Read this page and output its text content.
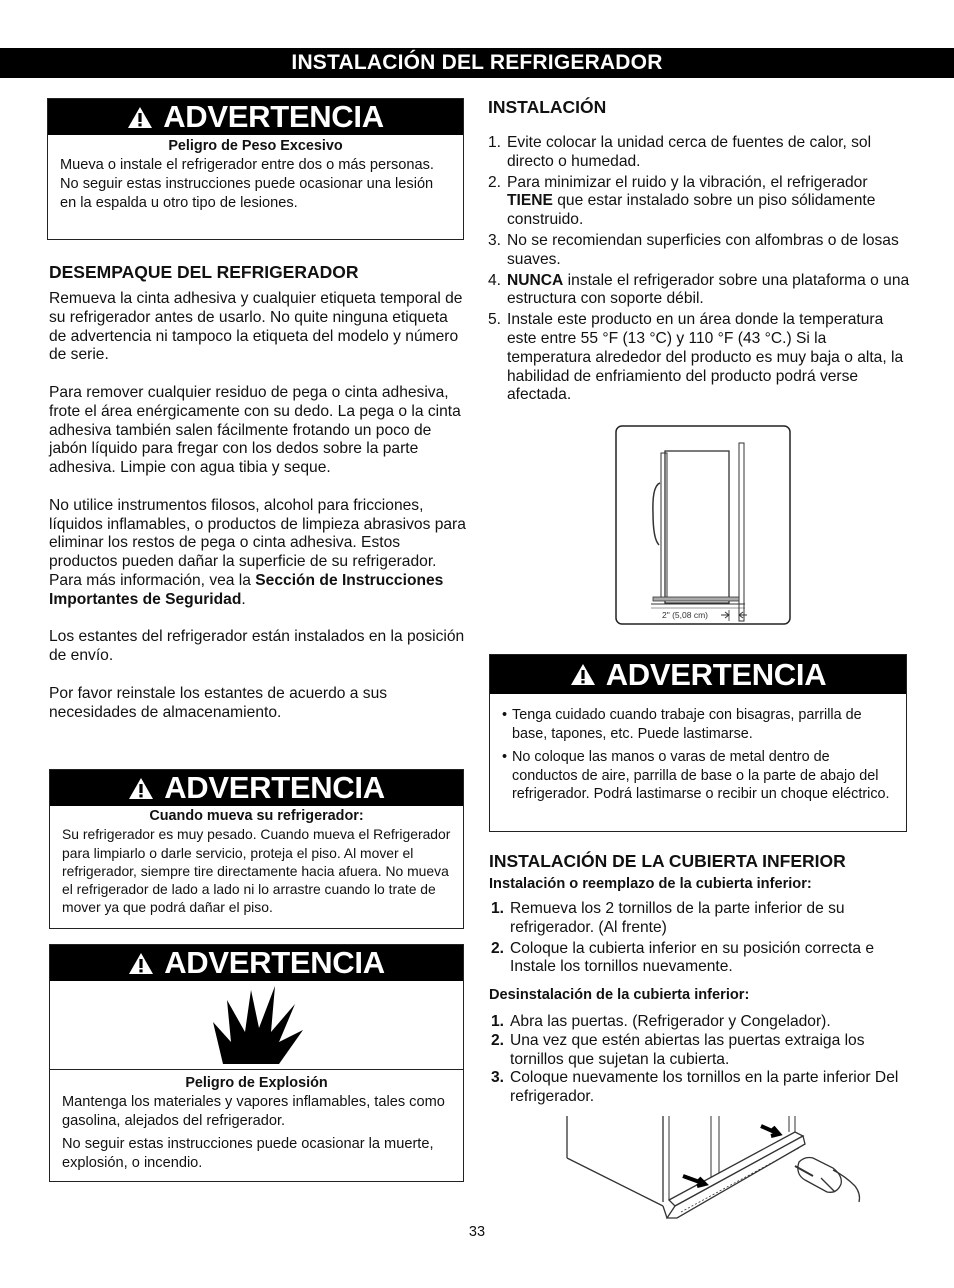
INSTALACIÓN DEL REFRIGERADOR
ADVERTENCIA
Peligro de Peso Excesivo
Mueva o instale el refrigerador entre dos o más personas.
No seguir estas instrucciones puede ocasionar una lesión en la espalda u otro tipo de lesiones.
DESEMPAQUE DEL REFRIGERADOR

Remueva la cinta adhesiva y cualquier etiqueta temporal de su refrigerador antes de usarlo. No quite ninguna etiqueta de advertencia ni tampoco la etiqueta del modelo y número de serie.

Para remover cualquier residuo de pega o cinta adhesiva, frote el área enérgicamente con su dedo. La pega o la cinta adhesiva también salen fácilmente frotando un poco de jabón líquido para fregar con los dedos sobre la parte adhesiva. Limpie con agua tibia y seque.

No utilice instrumentos filosos, alcohol para fricciones, líquidos inflamables, o productos de limpieza abrasivos para eliminar los restos de pega o cinta adhesiva. Estos productos pueden dañar la superficie de su refrigerador. Para más información, vea la Sección de Instrucciones Importantes de Seguridad.

Los estantes del refrigerador están instalados en la posición de envío.

Por favor reinstale los estantes de acuerdo a sus necesidades de almacenamiento.

ADVERTENCIA
Cuando mueva su refrigerador:
Su refrigerador es muy pesado. Cuando mueva el Refrigerador para limpiarlo o darle servicio, proteja el piso. Al mover el refrigerador, siempre tire directamente hacia afuera. No mueva el refrigerador de lado a lado ni lo arrastre cuando lo trate de mover ya que podrá dañar el piso.
ADVERTENCIA
Peligro de Explosión
Mantenga los materiales y vapores inflamables, tales como gasolina, alejados del refrigerador.
No seguir estas instrucciones puede ocasionar la muerte, explosión, o incendio.
INSTALACIÓN
1. Evite colocar la unidad cerca de fuentes de calor, sol directo o humedad.
2. Para minimizar el ruido y la vibración, el refrigerador TIENE que estar instalado sobre un piso sólidamente construido.
3. No se recomiendan superficies con alfombras o de losas suaves.
4. NUNCA instale el refrigerador sobre una plataforma o una estructura con soporte débil.
5. Instale este producto en un área donde la temperatura este entre 55 °F (13 °C) y 110 °F (43 °C.) Si la temperatura alrededor del producto es muy baja o alta, la habilidad de enfriamiento del producto podrá verse afectada.
2" (5,08 cm)
ADVERTENCIA
• Tenga cuidado cuando trabaje con bisagras, parrilla de base, tapones, etc. Puede lastimarse.
• No coloque las manos o varas de metal dentro de conductos de aire, parrilla de base o la parte de abajo del refrigerador. Podrá lastimarse o recibir un choque eléctrico.
INSTALACIÓN DE LA CUBIERTA INFERIOR
Instalación o reemplazo de la cubierta inferior:
1. Remueva los 2 tornillos de la parte inferior de su refrigerador. (Al frente)
2. Coloque la cubierta inferior en su posición correcta e Instale los tornillos nuevamente.
Desinstalación de la cubierta inferior:
1. Abra las puertas. (Refrigerador y Congelador).
2. Una vez que estén abiertas las puertas extraiga los tornillos que sujetan la cubierta.
3. Coloque nuevamente los tornillos en la parte inferior Del refrigerador.
33
